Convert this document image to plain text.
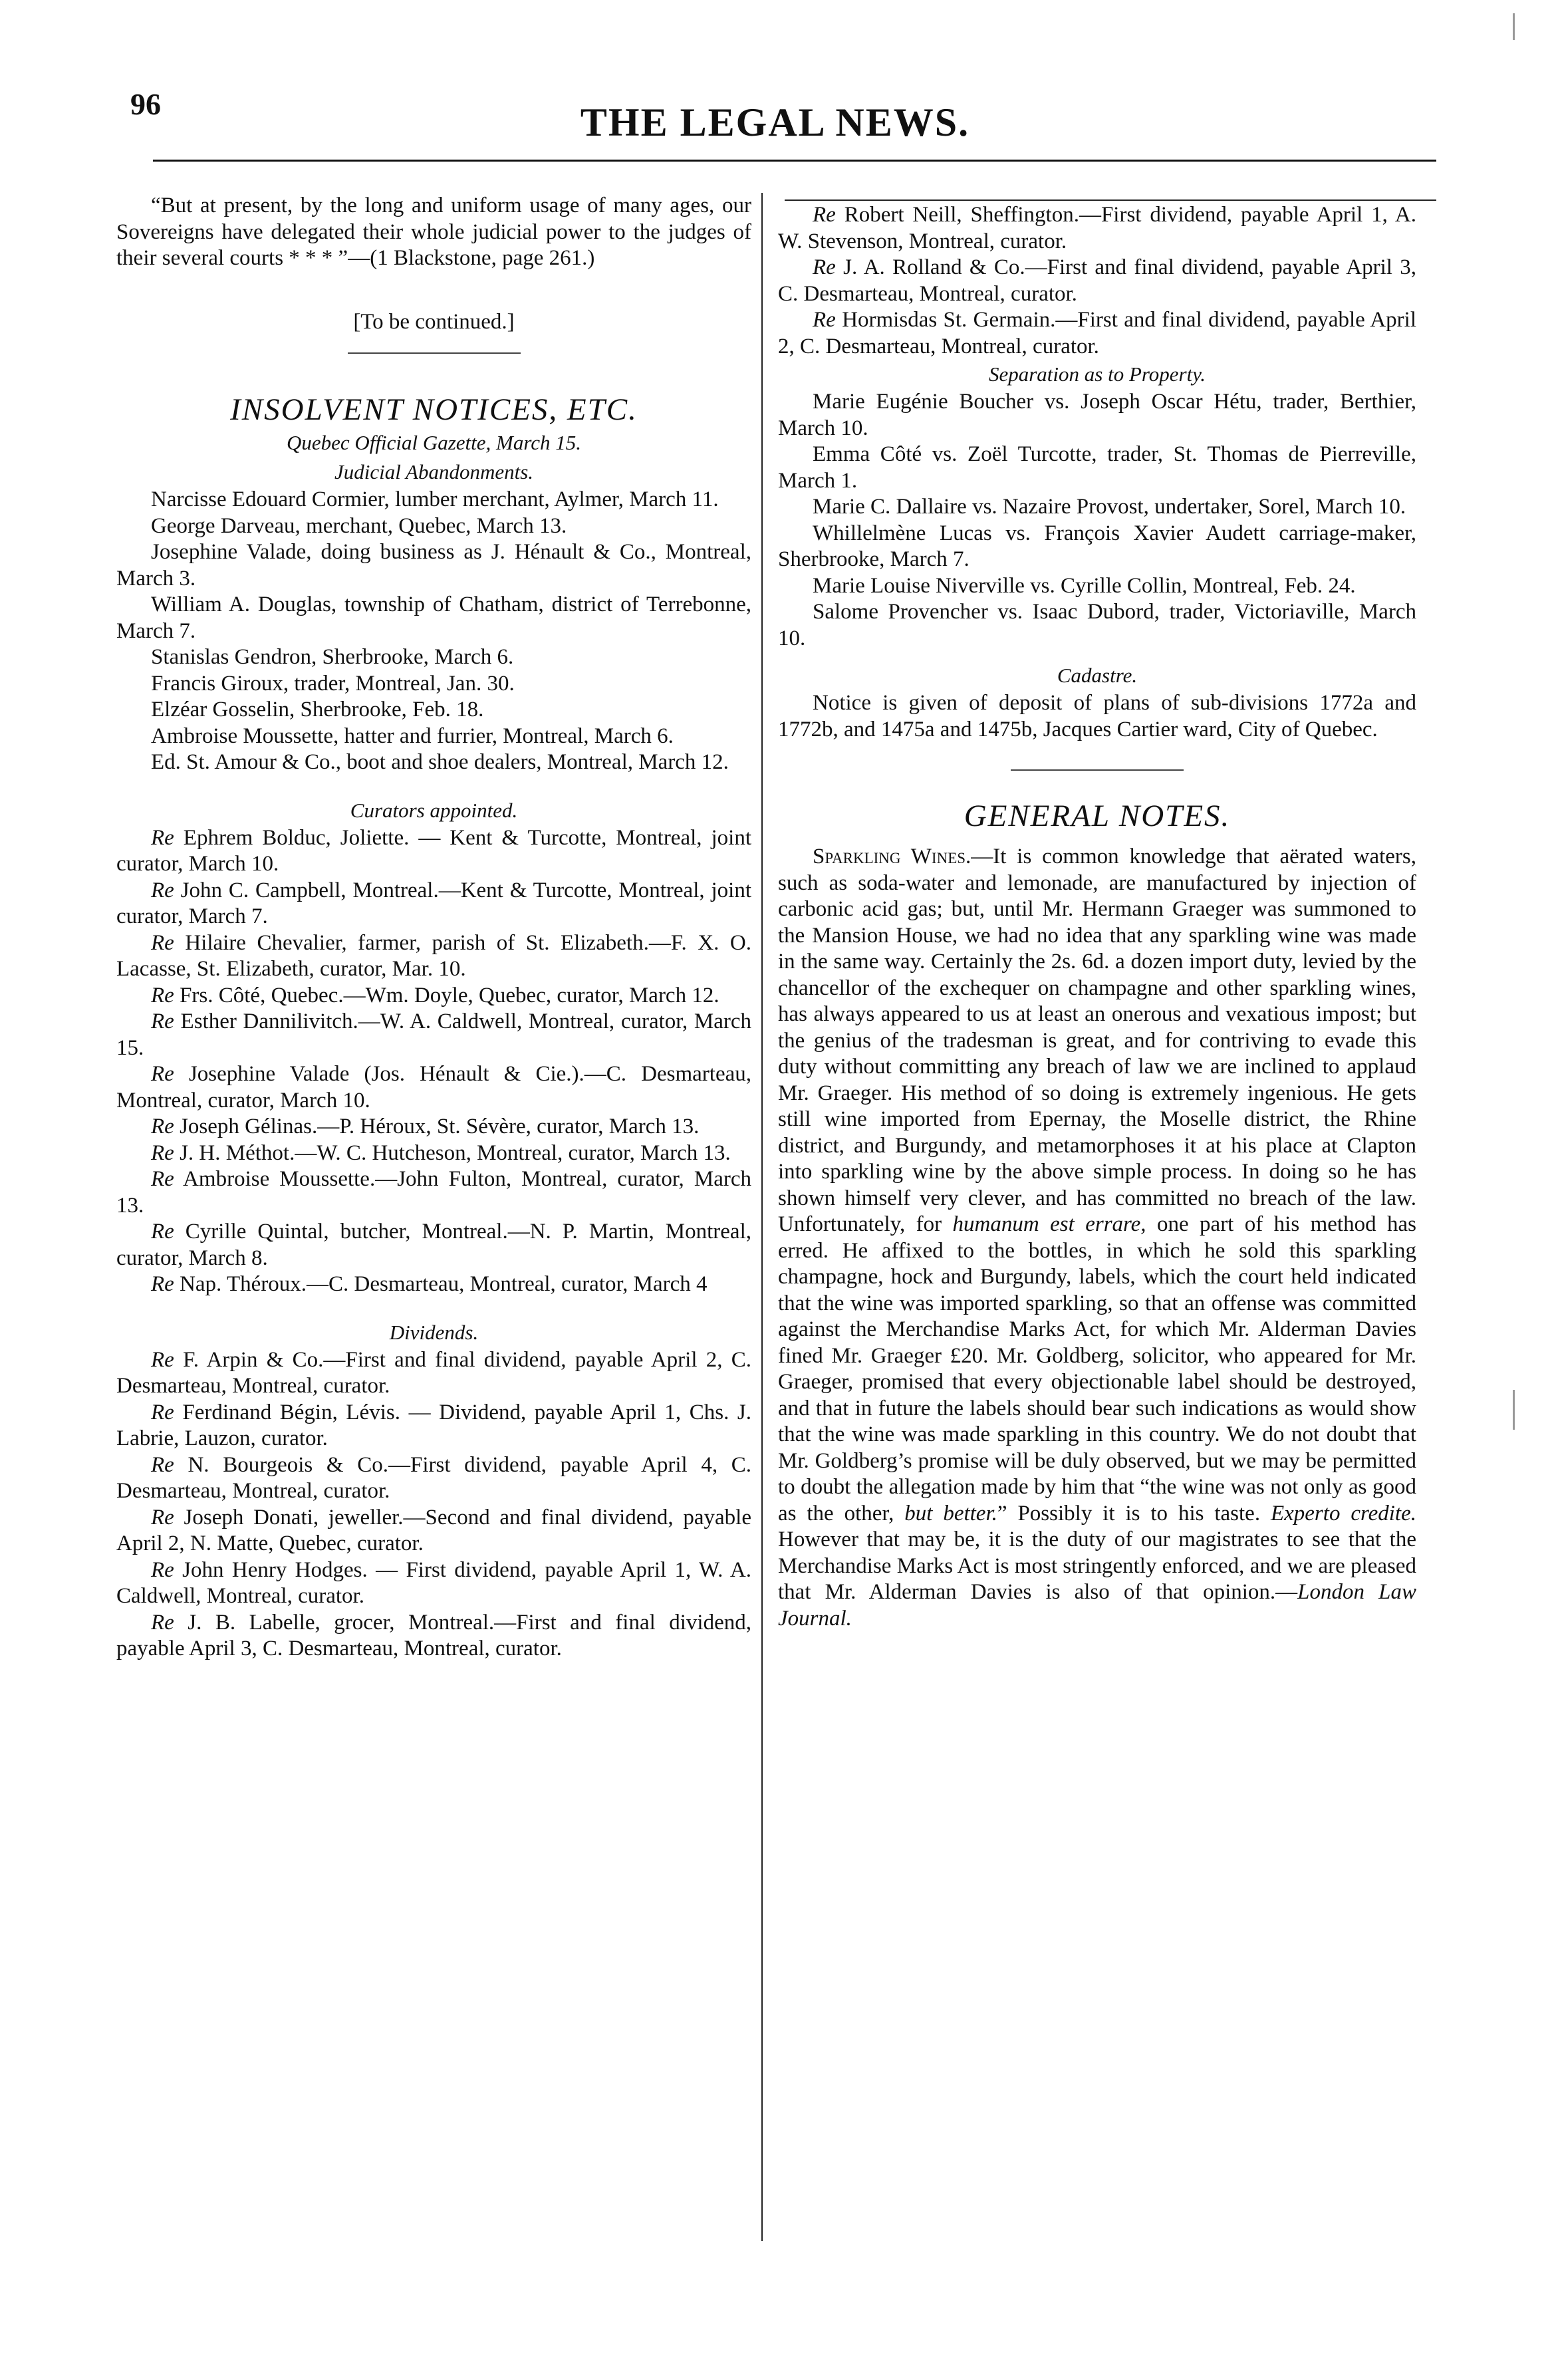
96	THE LEGAL NEWS.

“But at present, by the long and uniform usage of many ages, our Sovereigns have delegated their whole judicial power to the judges of their several courts * * * ”—(1 Blackstone, page 261.)

[To be continued.]

INSOLVENT NOTICES, ETC.

Quebec Official Gazette, March 15.

Judicial Abandonments.

Narcisse Edouard Cormier, lumber merchant, Aylmer, March 11.

George Darveau, merchant, Quebec, March 13.

Josephine Valade, doing business as J. Hénault & Co., Montreal, March 3.

William A. Douglas, township of Chatham, district of Terrebonne, March 7.

Stanislas Gendron, Sherbrooke, March 6.

Francis Giroux, trader, Montreal, Jan. 30.

Elzéar Gosselin, Sherbrooke, Feb. 18.

Ambroise Moussette, hatter and furrier, Montreal, March 6.

Ed. St. Amour & Co., boot and shoe dealers, Montreal, March 12.

Curators appointed.

Re Ephrem Bolduc, Joliette. — Kent & Turcotte, Montreal, joint curator, March 10.

Re John C. Campbell, Montreal.—Kent & Turcotte, Montreal, joint curator, March 7.

Re Hilaire Chevalier, farmer, parish of St. Elizabeth.—F. X. O. Lacasse, St. Elizabeth, curator, Mar. 10.

Re Frs. Côté, Quebec.—Wm. Doyle, Quebec, curator, March 12.

Re Esther Dannilivitch.—W. A. Caldwell, Montreal, curator, March 15.

Re Josephine Valade (Jos. Hénault & Cie.).—C. Desmarteau, Montreal, curator, March 10.

Re Joseph Gélinas.—P. Héroux, St. Sévère, curator, March 13.

Re J. H. Méthot.—W. C. Hutcheson, Montreal, curator, March 13.

Re Ambroise Moussette.—John Fulton, Montreal, curator, March 13.

Re Cyrille Quintal, butcher, Montreal.—N. P. Martin, Montreal, curator, March 8.

Re Nap. Théroux.—C. Desmarteau, Montreal, curator, March 4

Dividends.

Re F. Arpin & Co.—First and final dividend, payable April 2, C. Desmarteau, Montreal, curator.

Re Ferdinand Bégin, Lévis. — Dividend, payable April 1, Chs. J. Labrie, Lauzon, curator.

Re N. Bourgeois & Co.—First dividend, payable April 4, C. Desmarteau, Montreal, curator.

Re Joseph Donati, jeweller.—Second and final dividend, payable April 2, N. Matte, Quebec, curator.

Re John Henry Hodges. — First dividend, payable April 1, W. A. Caldwell, Montreal, curator.

Re J. B. Labelle, grocer, Montreal.—First and final dividend, payable April 3, C. Desmarteau, Montreal, curator.

Re Robert Neill, Sheffington.—First dividend, payable April 1, A. W. Stevenson, Montreal, curator.

Re J. A. Rolland & Co.—First and final dividend, payable April 3, C. Desmarteau, Montreal, curator.

Re Hormisdas St. Germain.—First and final dividend, payable April 2, C. Desmarteau, Montreal, curator.

Separation as to Property.

Marie Eugénie Boucher vs. Joseph Oscar Hétu, trader, Berthier, March 10.

Emma Côté vs. Zoël Turcotte, trader, St. Thomas de Pierreville, March 1.

Marie C. Dallaire vs. Nazaire Provost, undertaker, Sorel, March 10.

Whillelmène Lucas vs. François Xavier Audett carriage-maker, Sherbrooke, March 7.

Marie Louise Niverville vs. Cyrille Collin, Montreal, Feb. 24.

Salome Provencher vs. Isaac Dubord, trader, Victoriaville, March 10.

Cadastre.

Notice is given of deposit of plans of sub-divisions 1772a and 1772b, and 1475a and 1475b, Jacques Cartier ward, City of Quebec.

GENERAL NOTES.

Sparkling Wines.—It is common knowledge that aërated waters, such as soda-water and lemonade, are manufactured by injection of carbonic acid gas; but, until Mr. Hermann Graeger was summoned to the Mansion House, we had no idea that any sparkling wine was made in the same way. Certainly the 2s. 6d. a dozen import duty, levied by the chancellor of the exchequer on champagne and other sparkling wines, has always appeared to us at least an onerous and vexatious impost; but the genius of the tradesman is great, and for contriving to evade this duty without committing any breach of law we are inclined to applaud Mr. Graeger. His method of so doing is extremely ingenious. He gets still wine imported from Epernay, the Moselle district, the Rhine district, and Burgundy, and metamorphoses it at his place at Clapton into sparkling wine by the above simple process. In doing so he has shown himself very clever, and has committed no breach of the law. Unfortunately, for humanum est errare, one part of his method has erred. He affixed to the bottles, in which he sold this sparkling champagne, hock and Burgundy, labels, which the court held indicated that the wine was imported sparkling, so that an offense was committed against the Merchandise Marks Act, for which Mr. Alderman Davies fined Mr. Graeger £20. Mr. Goldberg, solicitor, who appeared for Mr. Graeger, promised that every objectionable label should be destroyed, and that in future the labels should bear such indications as would show that the wine was made sparkling in this country. We do not doubt that Mr. Goldberg’s promise will be duly observed, but we may be permitted to doubt the allegation made by him that “the wine was not only as good as the other, but better.” Possibly it is to his taste. Experto credite. However that may be, it is the duty of our magistrates to see that the Merchandise Marks Act is most stringently enforced, and we are pleased that Mr. Alderman Davies is also of that opinion.—London Law Journal.
